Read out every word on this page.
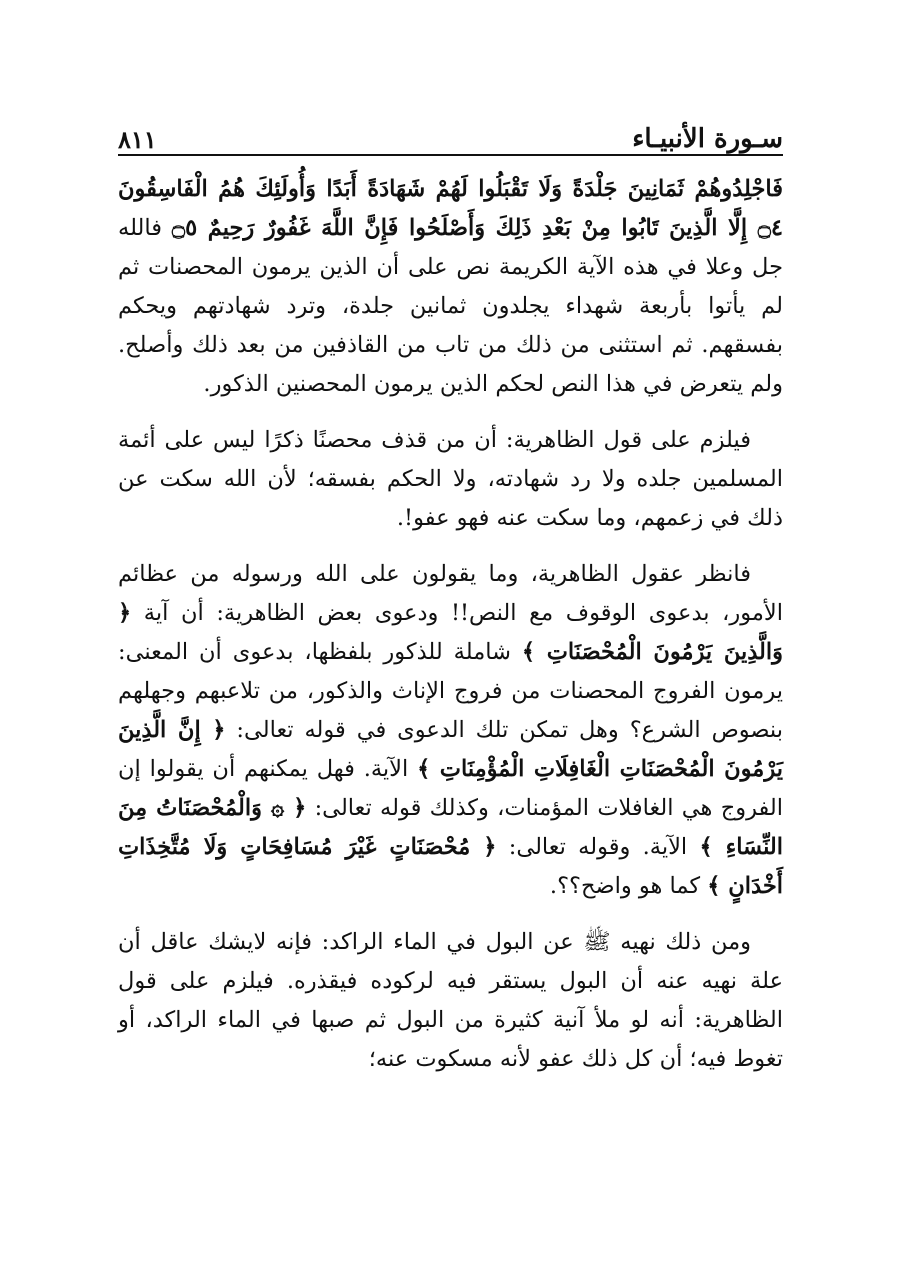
سـورة الأنبيـاء
٨١١

فَاجْلِدُوهُمْ ثَمَانِينَ جَلْدَةً وَلَا تَقْبَلُوا لَهُمْ شَهَادَةً أَبَدًا وَأُولَئِكَ هُمُ الْفَاسِقُونَ ۝٤ إِلَّا الَّذِينَ تَابُوا مِنْ بَعْدِ ذَلِكَ وَأَصْلَحُوا فَإِنَّ اللَّهَ غَفُورٌ رَحِيمٌ ۝٥ فالله جل وعلا في هذه الآية الكريمة نص على أن الذين يرمون المحصنات ثم لم يأتوا بأربعة شهداء يجلدون ثمانين جلدة، وترد شهادتهم ويحكم بفسقهم. ثم استثنى من ذلك من تاب من القاذفين من بعد ذلك وأصلح. ولم يتعرض في هذا النص لحكم الذين يرمون المحصنين الذكور.

فيلزم على قول الظاهرية: أن من قذف محصنًا ذكرًا ليس على أئمة المسلمين جلده ولا رد شهادته، ولا الحكم بفسقه؛ لأن الله سكت عن ذلك في زعمهم، وما سكت عنه فهو عفو!.

فانظر عقول الظاهرية، وما يقولون على الله ورسوله من عظائم الأمور، بدعوى الوقوف مع النص!! ودعوى بعض الظاهرية: أن آية ﴿ وَالَّذِينَ يَرْمُونَ الْمُحْصَنَاتِ ﴾ شاملة للذكور بلفظها، بدعوى أن المعنى: يرمون الفروج المحصنات من فروج الإناث والذكور، من تلاعبهم وجهلهم بنصوص الشرع؟ وهل تمكن تلك الدعوى في قوله تعالى: ﴿ إِنَّ الَّذِينَ يَرْمُونَ الْمُحْصَنَاتِ الْغَافِلَاتِ الْمُؤْمِنَاتِ ﴾ الآية. فهل يمكنهم أن يقولوا إن الفروج هي الغافلات المؤمنات، وكذلك قوله تعالى: ﴿ ۞ وَالْمُحْصَنَاتُ مِنَ النِّسَاءِ ﴾ الآية. وقوله تعالى: ﴿ مُحْصَنَاتٍ غَيْرَ مُسَافِحَاتٍ وَلَا مُتَّخِذَاتِ أَخْدَانٍ ﴾ كما هو واضح؟؟.

ومن ذلك نهيه ﷺ عن البول في الماء الراكد: فإنه لايشك عاقل أن علة نهيه عنه أن البول يستقر فيه لركوده فيقذره. فيلزم على قول الظاهرية: أنه لو ملأ آنية كثيرة من البول ثم صبها في الماء الراكد، أو تغوط فيه؛ أن كل ذلك عفو لأنه مسكوت عنه؛
